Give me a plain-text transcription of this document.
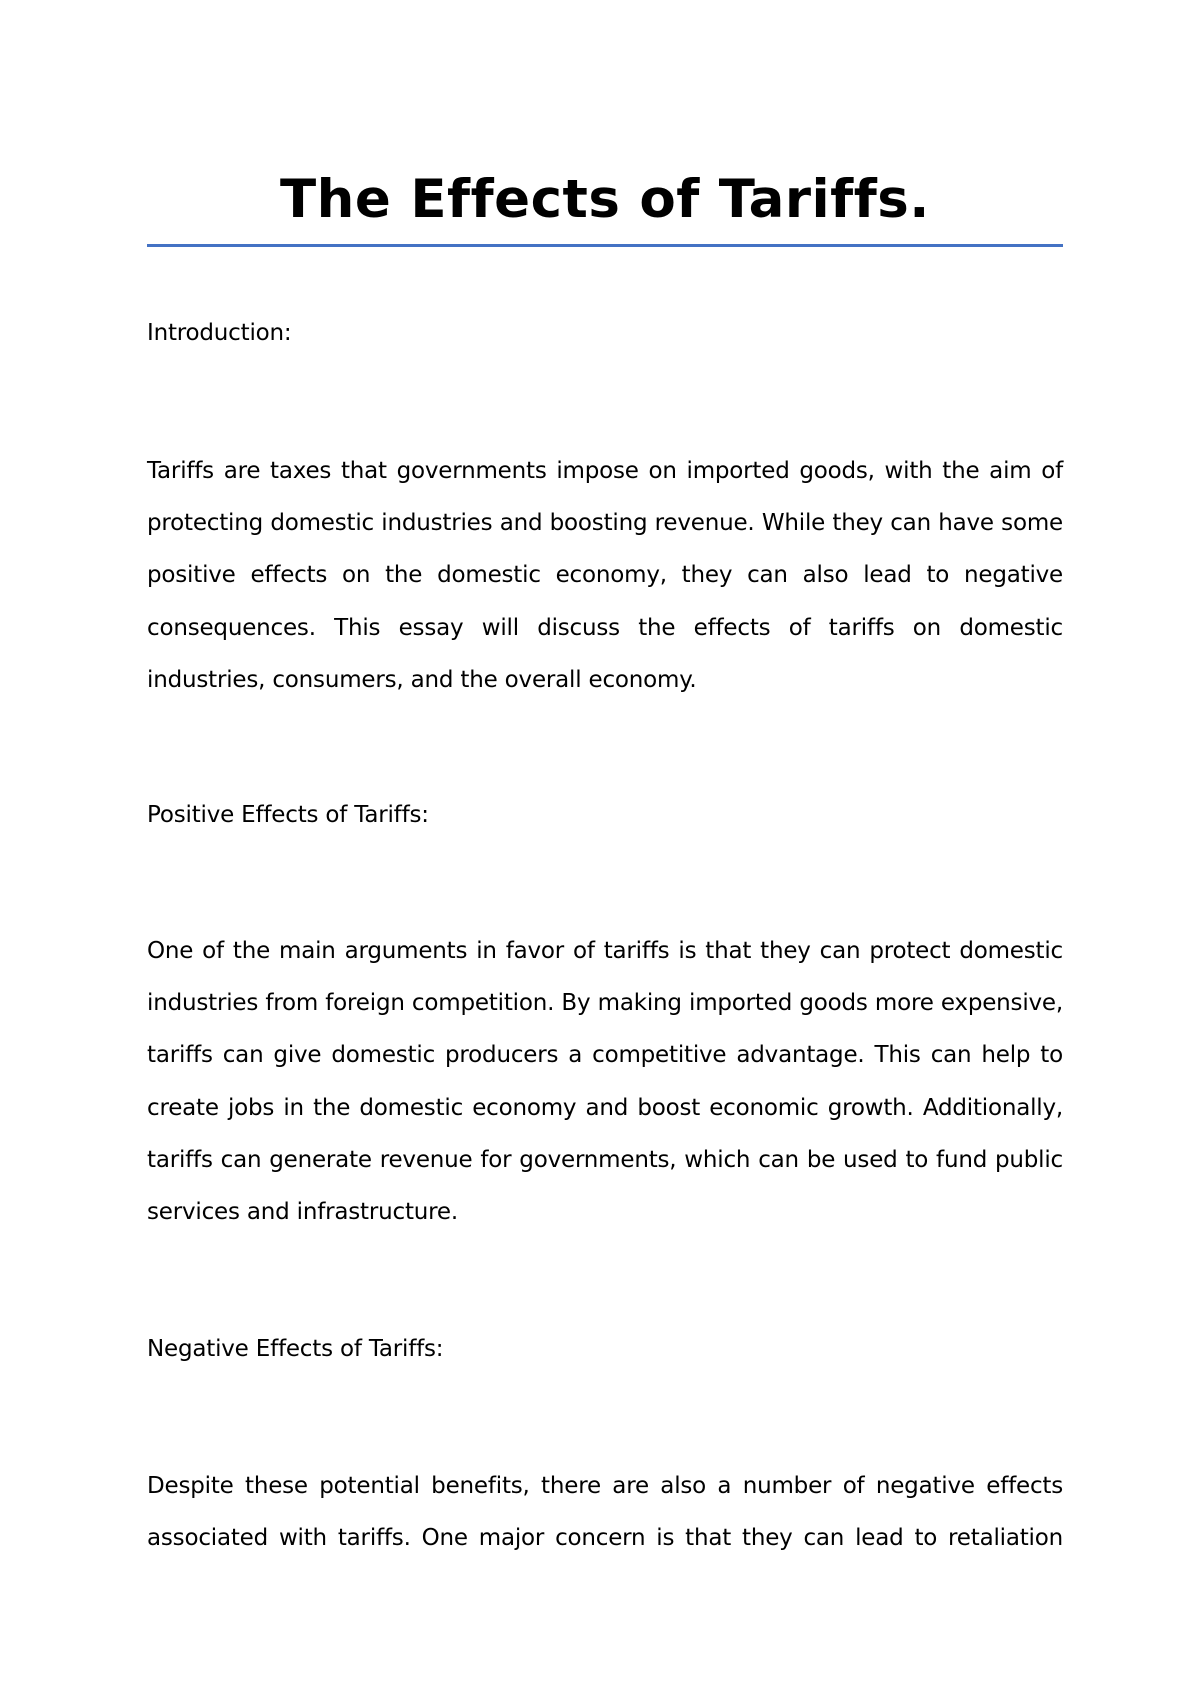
The Effects of Tariffs.

Introduction:

Tariffs are taxes that governments impose on imported goods, with the aim of protecting domestic industries and boosting revenue. While they can have some positive effects on the domestic economy, they can also lead to negative consequences. This essay will discuss the effects of tariffs on domestic industries, consumers, and the overall economy.

Positive Effects of Tariffs:

One of the main arguments in favor of tariffs is that they can protect domestic industries from foreign competition. By making imported goods more expensive, tariffs can give domestic producers a competitive advantage. This can help to create jobs in the domestic economy and boost economic growth. Additionally, tariffs can generate revenue for governments, which can be used to fund public services and infrastructure.

Negative Effects of Tariffs:

Despite these potential benefits, there are also a number of negative effects associated with tariffs. One major concern is that they can lead to retaliation
